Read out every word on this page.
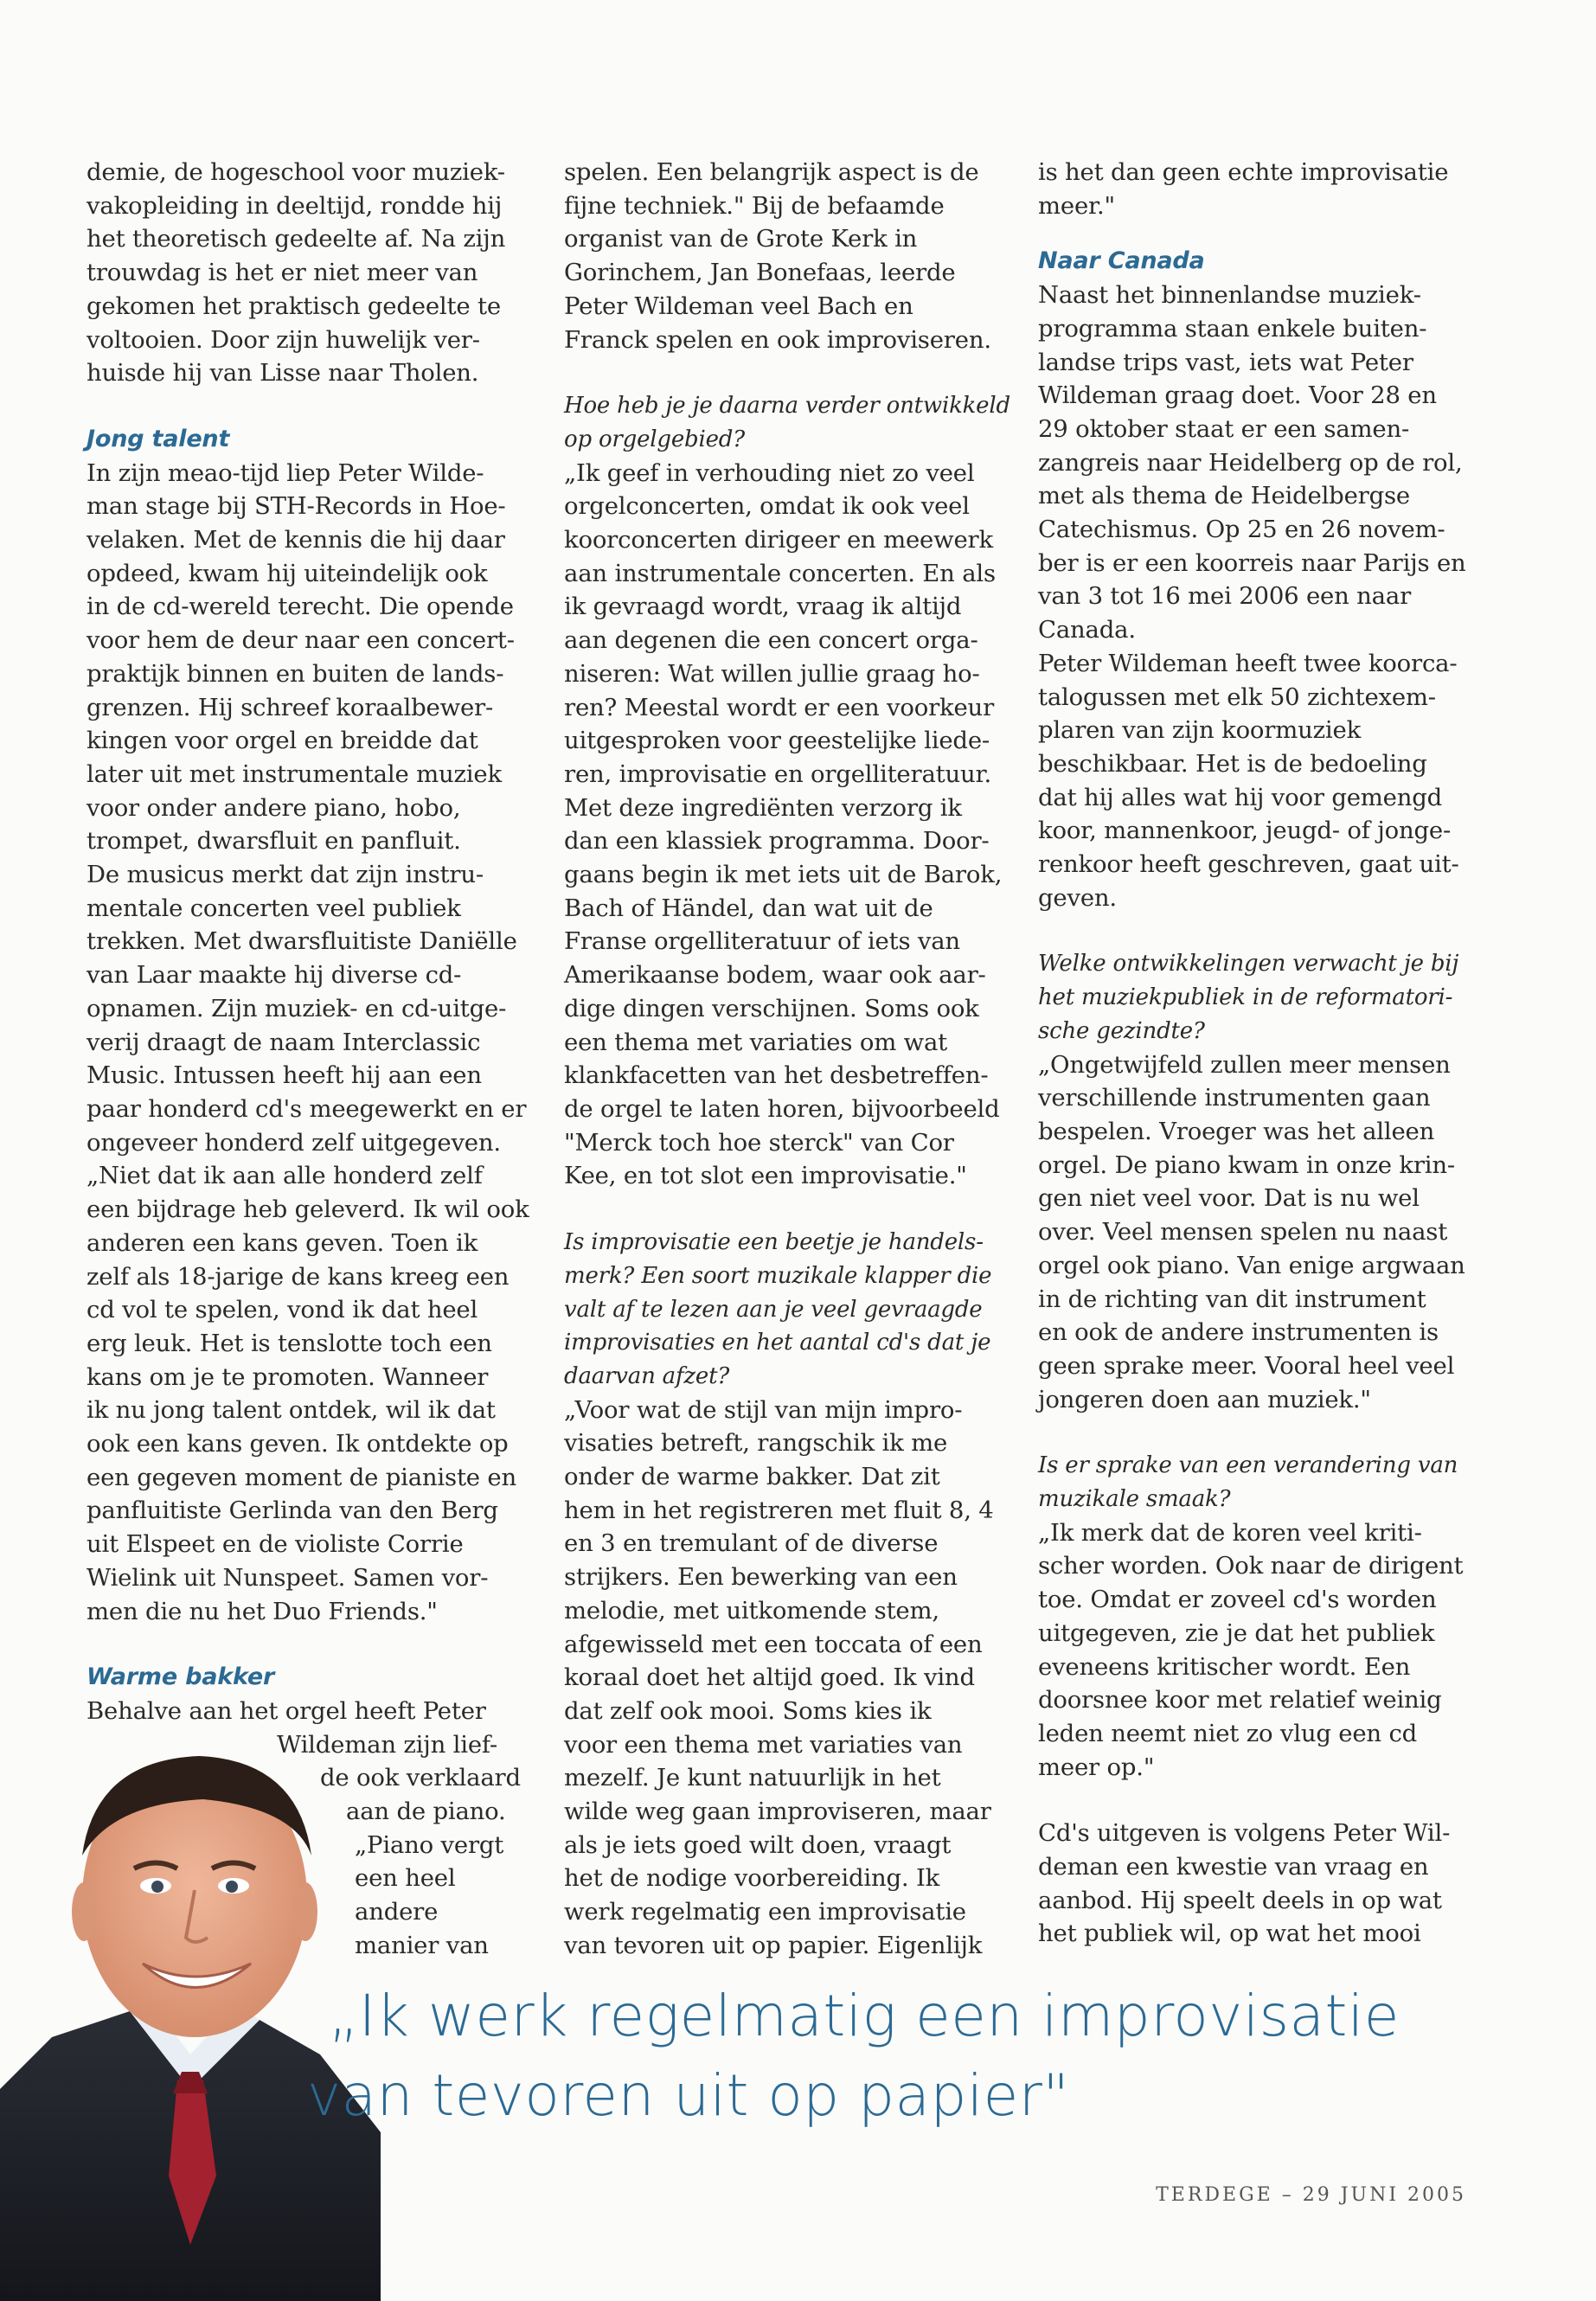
demie, de hogeschool voor muziek-

vakopleiding in deeltijd, rondde hij

het theoretisch gedeelte af. Na zijn

trouwdag is het er niet meer van

gekomen het praktisch gedeelte te

voltooien. Door zijn huwelijk ver-

huisde hij van Lisse naar Tholen.

Jong talent

In zijn meao-tijd liep Peter Wilde-

man stage bij STH-Records in Hoe-

velaken. Met de kennis die hij daar

opdeed, kwam hij uiteindelijk ook

in de cd-wereld terecht. Die opende

voor hem de deur naar een concert-

praktijk binnen en buiten de lands-

grenzen. Hij schreef koraalbewer-

kingen voor orgel en breidde dat

later uit met instrumentale muziek

voor onder andere piano, hobo,

trompet, dwarsfluit en panfluit.

De musicus merkt dat zijn instru-

mentale concerten veel publiek

trekken. Met dwarsfluitiste Daniëlle

van Laar maakte hij diverse cd-

opnamen. Zijn muziek- en cd-uitge-

verij draagt de naam Interclassic

Music. Intussen heeft hij aan een

paar honderd cd's meegewerkt en er

ongeveer honderd zelf uitgegeven.

„Niet dat ik aan alle honderd zelf

een bijdrage heb geleverd. Ik wil ook

anderen een kans geven. Toen ik

zelf als 18-jarige de kans kreeg een

cd vol te spelen, vond ik dat heel

erg leuk. Het is tenslotte toch een

kans om je te promoten. Wanneer

ik nu jong talent ontdek, wil ik dat

ook een kans geven. Ik ontdekte op

een gegeven moment de pianiste en

panfluitiste Gerlinda van den Berg

uit Elspeet en de violiste Corrie

Wielink uit Nunspeet. Samen vor-

men die nu het Duo Friends."

Warme bakker

Behalve aan het orgel heeft Peter

Wildeman zijn lief-

de ook verklaard

aan de piano.

„Piano vergt

een heel

andere

manier van

spelen. Een belangrijk aspect is de

fijne techniek." Bij de befaamde

organist van de Grote Kerk in

Gorinchem, Jan Bonefaas, leerde

Peter Wildeman veel Bach en

Franck spelen en ook improviseren.

Hoe heb je je daarna verder ontwikkeld

op orgelgebied?

„Ik geef in verhouding niet zo veel

orgelconcerten, omdat ik ook veel

koorconcerten dirigeer en meewerk

aan instrumentale concerten. En als

ik gevraagd wordt, vraag ik altijd

aan degenen die een concert orga-

niseren: Wat willen jullie graag ho-

ren? Meestal wordt er een voorkeur

uitgesproken voor geestelijke liede-

ren, improvisatie en orgelliteratuur.

Met deze ingrediënten verzorg ik

dan een klassiek programma. Door-

gaans begin ik met iets uit de Barok,

Bach of Händel, dan wat uit de

Franse orgelliteratuur of iets van

Amerikaanse bodem, waar ook aar-

dige dingen verschijnen. Soms ook

een thema met variaties om wat

klankfacetten van het desbetreffen-

de orgel te laten horen, bijvoorbeeld

"Merck toch hoe sterck" van Cor

Kee, en tot slot een improvisatie."

Is improvisatie een beetje je handels-

merk? Een soort muzikale klapper die

valt af te lezen aan je veel gevraagde

improvisaties en het aantal cd's dat je

daarvan afzet?

„Voor wat de stijl van mijn impro-

visaties betreft, rangschik ik me

onder de warme bakker. Dat zit

hem in het registreren met fluit 8, 4

en 3 en tremulant of de diverse

strijkers. Een bewerking van een

melodie, met uitkomende stem,

afgewisseld met een toccata of een

koraal doet het altijd goed. Ik vind

dat zelf ook mooi. Soms kies ik

voor een thema met variaties van

mezelf. Je kunt natuurlijk in het

wilde weg gaan improviseren, maar

als je iets goed wilt doen, vraagt

het de nodige voorbereiding. Ik

werk regelmatig een improvisatie

van tevoren uit op papier. Eigenlijk

is het dan geen echte improvisatie

meer."

Naar Canada

Naast het binnenlandse muziek-

programma staan enkele buiten-

landse trips vast, iets wat Peter

Wildeman graag doet. Voor 28 en

29 oktober staat er een samen-

zangreis naar Heidelberg op de rol,

met als thema de Heidelbergse

Catechismus. Op 25 en 26 novem-

ber is er een koorreis naar Parijs en

van 3 tot 16 mei 2006 een naar

Canada.

Peter Wildeman heeft twee koorca-

talogussen met elk 50 zichtexem-

plaren van zijn koormuziek

beschikbaar. Het is de bedoeling

dat hij alles wat hij voor gemengd

koor, mannenkoor, jeugd- of jonge-

renkoor heeft geschreven, gaat uit-

geven.

Welke ontwikkelingen verwacht je bij

het muziekpubliek in de reformatori-

sche gezindte?

„Ongetwijfeld zullen meer mensen

verschillende instrumenten gaan

bespelen. Vroeger was het alleen

orgel. De piano kwam in onze krin-

gen niet veel voor. Dat is nu wel

over. Veel mensen spelen nu naast

orgel ook piano. Van enige argwaan

in de richting van dit instrument

en ook de andere instrumenten is

geen sprake meer. Vooral heel veel

jongeren doen aan muziek."

Is er sprake van een verandering van

muzikale smaak?

„Ik merk dat de koren veel kriti-

scher worden. Ook naar de dirigent

toe. Omdat er zoveel cd's worden

uitgegeven, zie je dat het publiek

eveneens kritischer wordt. Een

doorsnee koor met relatief weinig

leden neemt niet zo vlug een cd

meer op."

Cd's uitgeven is volgens Peter Wil-

deman een kwestie van vraag en

aanbod. Hij speelt deels in op wat

het publiek wil, op wat het mooi

„Ik werk regelmatig een improvisatie
van tevoren uit op papier"
TERDEGE – 29 JUNI 2005
